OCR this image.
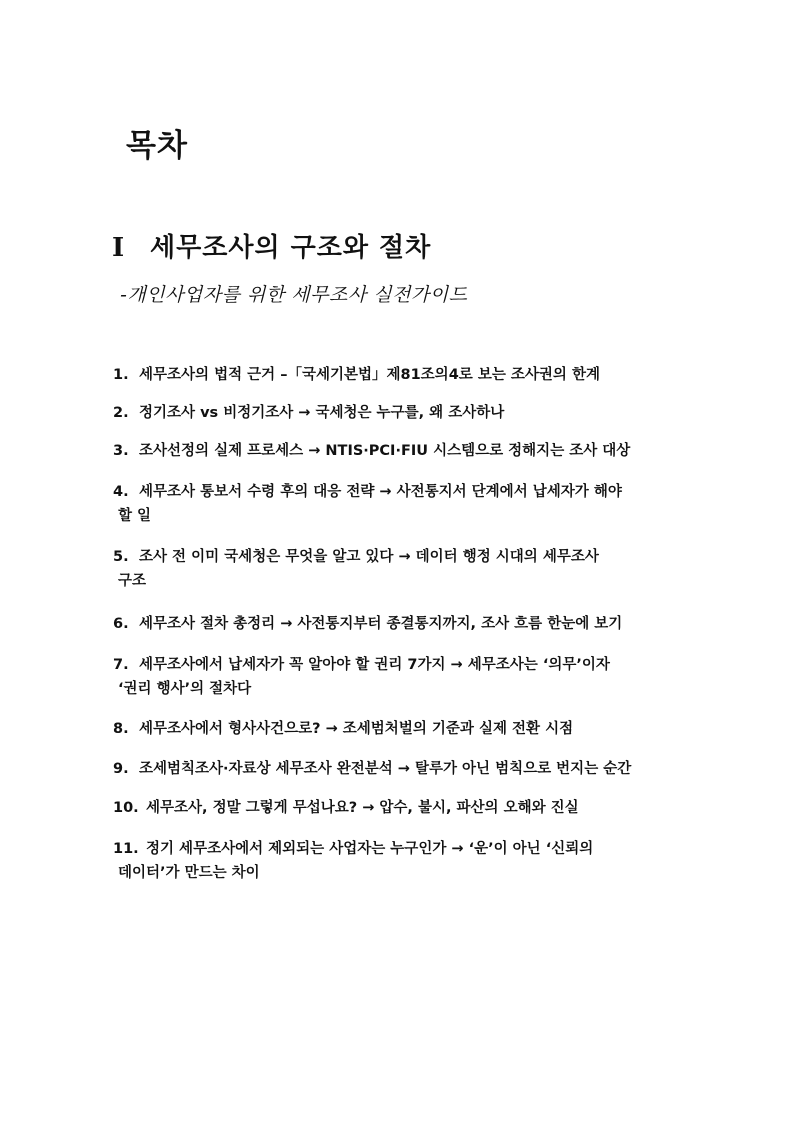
목차
I 세무조사의 구조와 절차
-개인사업자를 위한 세무조사 실전가이드
1. 세무조사의 법적 근거 –「국세기본법」제81조의4로 보는 조사권의 한계
2. 정기조사 vs 비정기조사 → 국세청은 누구를, 왜 조사하나
3. 조사선정의 실제 프로세스 → NTIS·PCI·FIU 시스템으로 정해지는 조사 대상
4. 세무조사 통보서 수령 후의 대응 전략 → 사전통지서 단계에서 납세자가 해야
할 일
5. 조사 전 이미 국세청은 무엇을 알고 있다 → 데이터 행정 시대의 세무조사
구조
6. 세무조사 절차 총정리 → 사전통지부터 종결통지까지, 조사 흐름 한눈에 보기
7. 세무조사에서 납세자가 꼭 알아야 할 권리 7가지 → 세무조사는 ‘의무’이자
‘권리 행사’의 절차다
8. 세무조사에서 형사사건으로? → 조세범처벌의 기준과 실제 전환 시점
9. 조세범칙조사·자료상 세무조사 완전분석 → 탈루가 아닌 범칙으로 번지는 순간
10. 세무조사, 정말 그렇게 무섭나요? → 압수, 불시, 파산의 오해와 진실
11. 정기 세무조사에서 제외되는 사업자는 누구인가 → ‘운’이 아닌 ‘신뢰의
데이터’가 만드는 차이
